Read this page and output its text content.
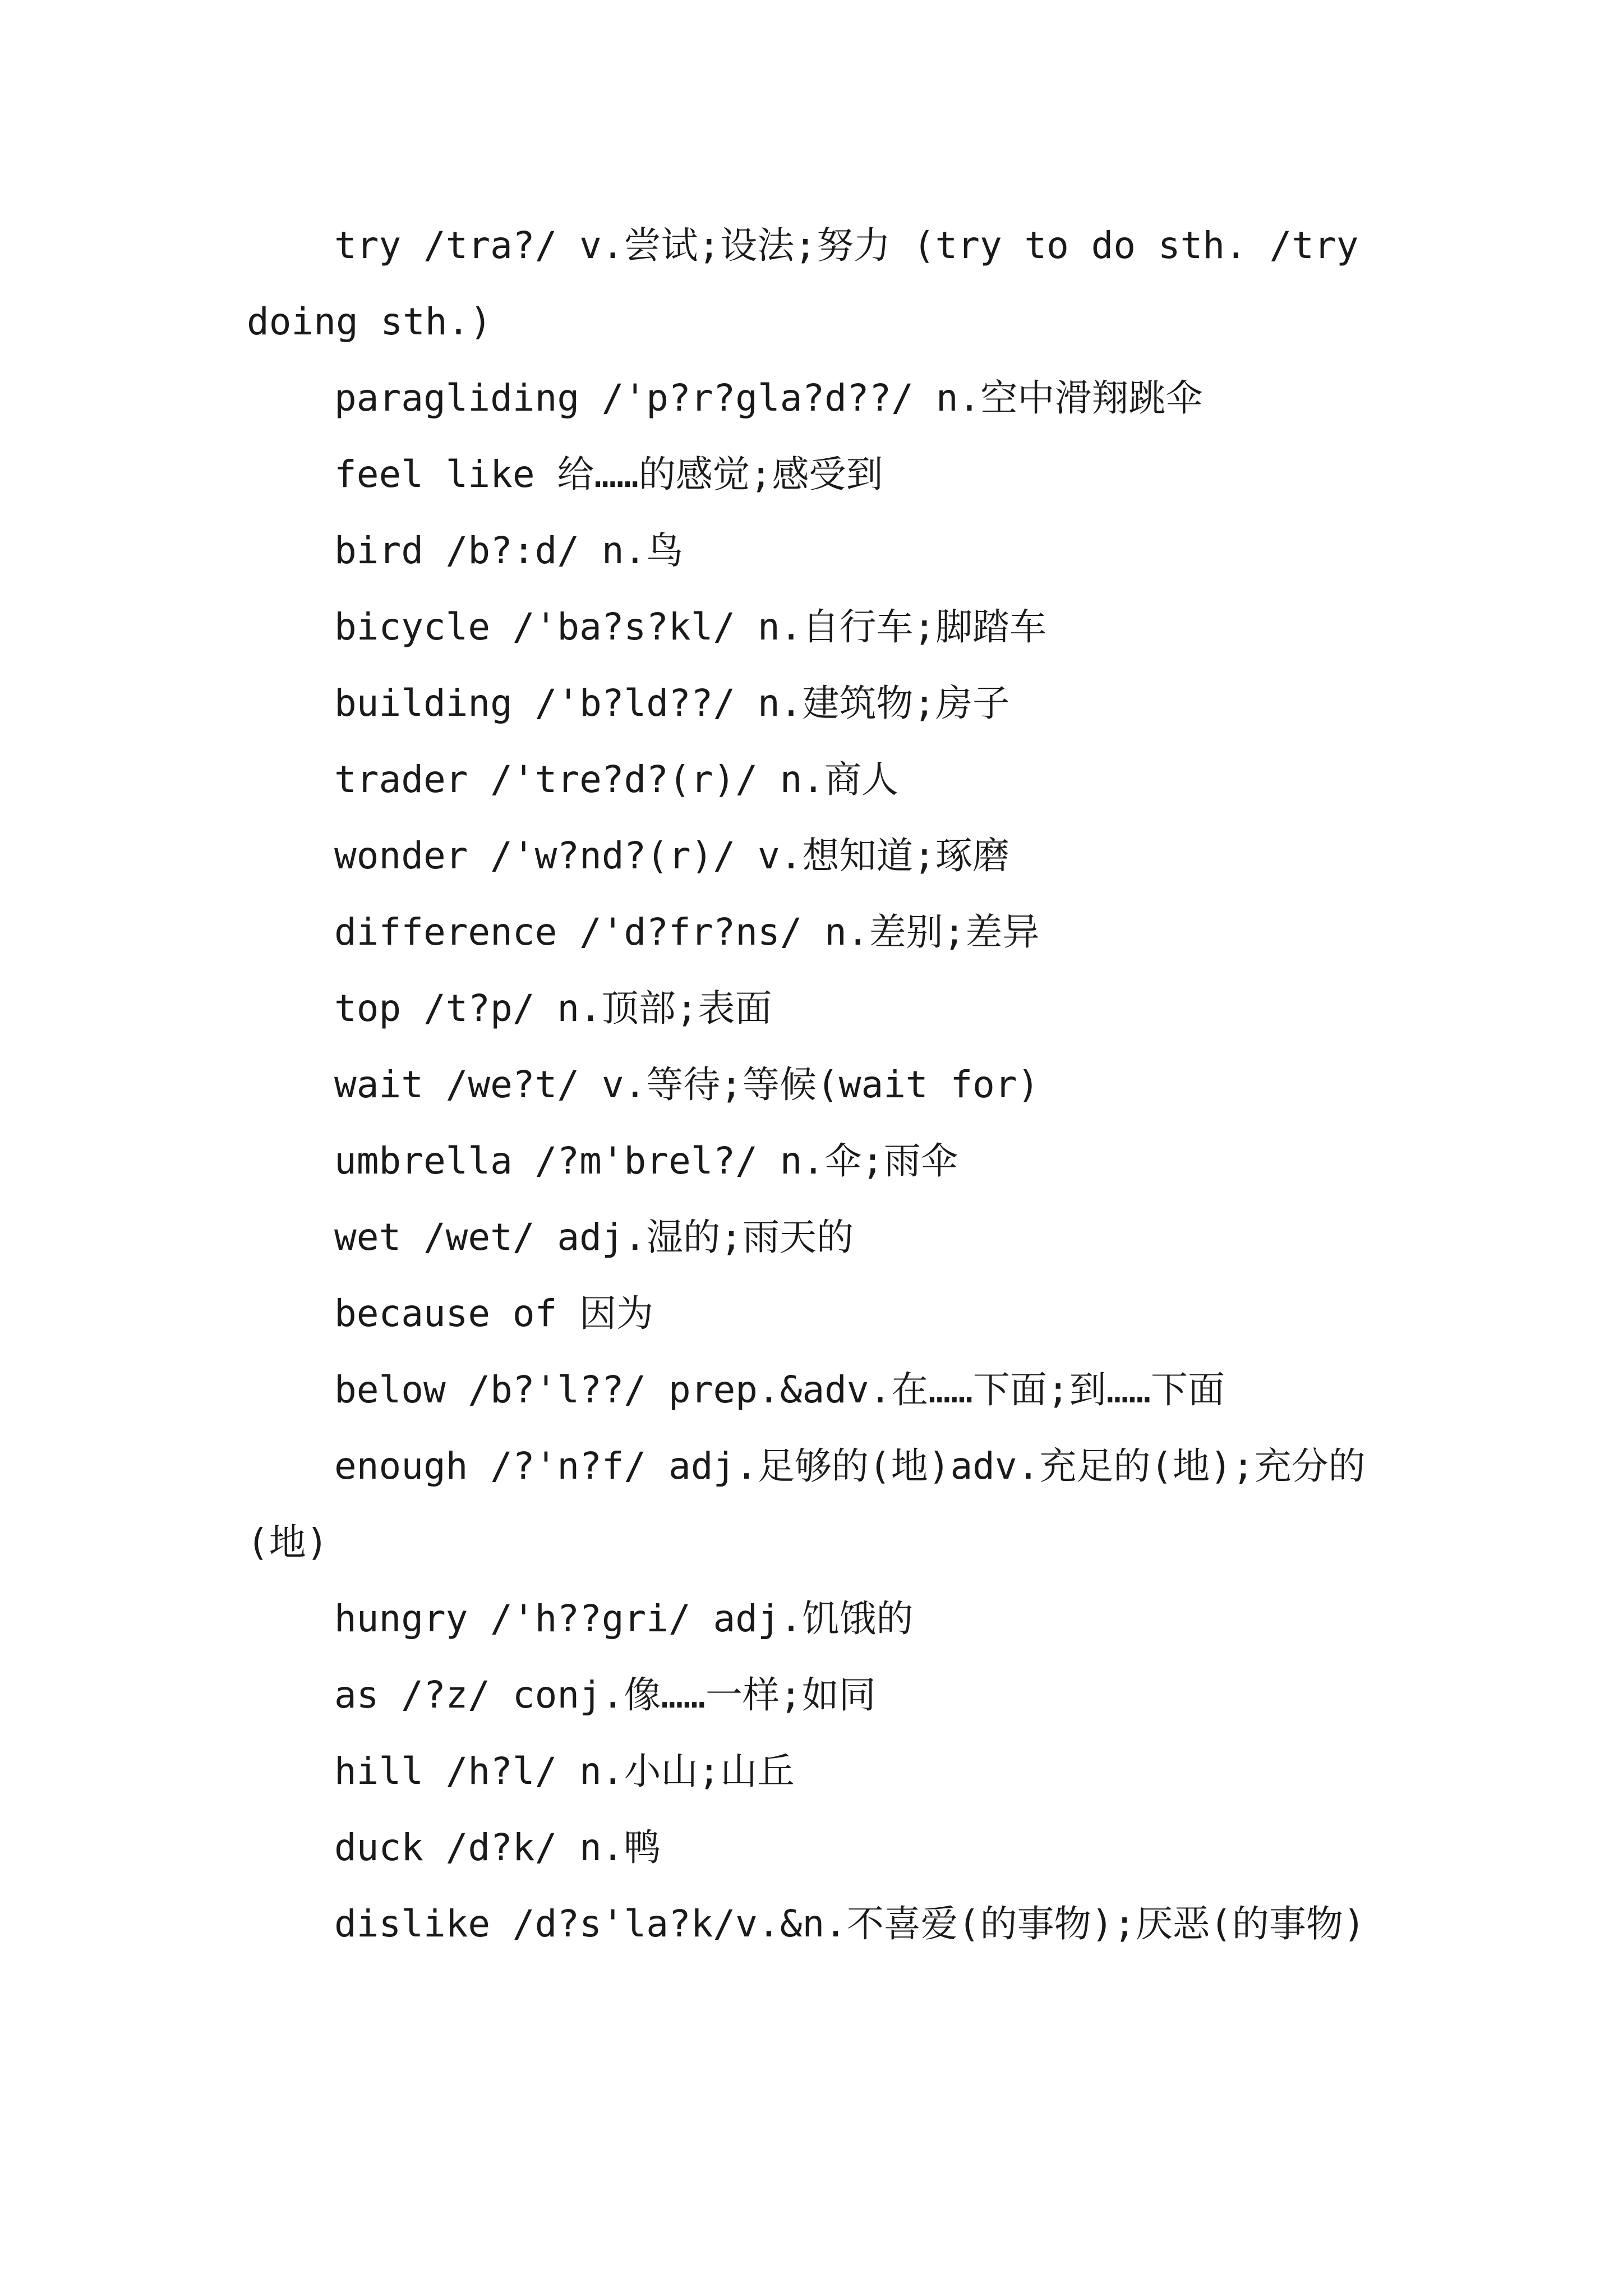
try /tra?/ v.尝试;设法;努力 (try to do sth. /try doing sth.)

paragliding /'p?r?gla?d??/ n.空中滑翔跳伞

feel like 给……的感觉;感受到

bird /b?:d/ n.鸟

bicycle /'ba?s?kl/ n.自行车;脚踏车

building /'b?ld??/ n.建筑物;房子

trader /'tre?d?(r)/ n.商人

wonder /'w?nd?(r)/ v.想知道;琢磨

difference /'d?fr?ns/ n.差别;差异

top /t?p/ n.顶部;表面

wait /we?t/ v.等待;等候(wait for)

umbrella /?m'brel?/ n.伞;雨伞

wet /wet/ adj.湿的;雨天的

because of 因为

below /b?'l??/ prep.&adv.在……下面;到……下面

enough /?'n?f/ adj.足够的(地)adv.充足的(地);充分的(地)

hungry /'h??gri/ adj.饥饿的

as /?z/ conj.像……一样;如同

hill /h?l/ n.小山;山丘

duck /d?k/ n.鸭

dislike /d?s'la?k/v.&n.不喜爱(的事物);厌恶(的事物)
